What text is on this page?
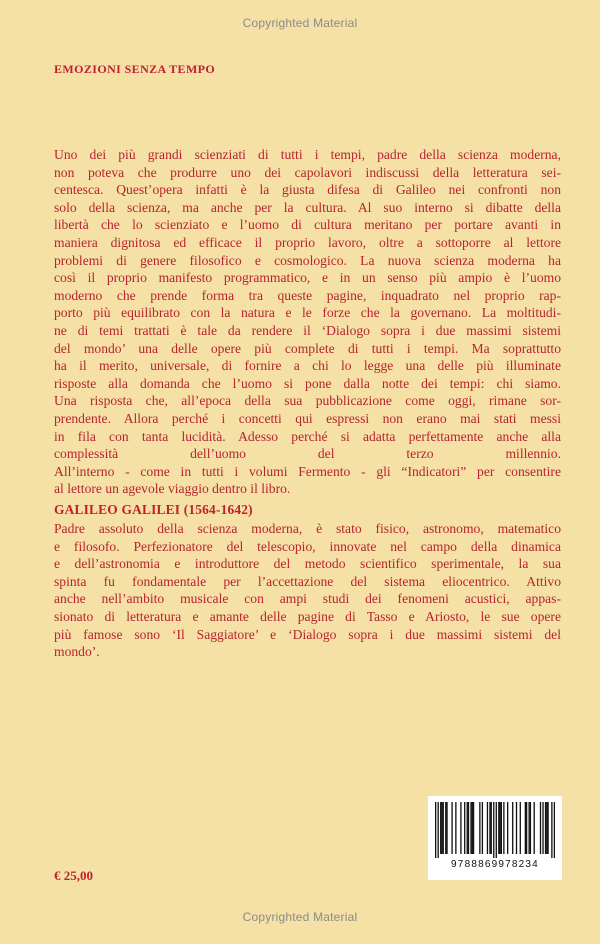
Copyrighted Material
EMOZIONI SENZA TEMPO

Uno dei più grandi scienziati di tutti i tempi, padre della scienza moderna,
non poteva che produrre uno dei capolavori indiscussi della letteratura sei-
centesca. Quest’opera infatti è la giusta difesa di Galileo nei confronti non
solo della scienza, ma anche per la cultura. Al suo interno si dibatte della
libertà che lo scienziato e l’uomo di cultura meritano per portare avanti in
maniera dignitosa ed efficace il proprio lavoro, oltre a sottoporre al lettore
problemi di genere filosofico e cosmologico. La nuova scienza moderna ha
così il proprio manifesto programmatico, e in un senso più ampio è l’uomo
moderno che prende forma tra queste pagine, inquadrato nel proprio rap-
porto più equilibrato con la natura e le forze che la governano. La moltitudi-
ne di temi trattati è tale da rendere il ‘Dialogo sopra i due massimi sistemi
del mondo’ una delle opere più complete di tutti i tempi. Ma soprattutto
ha il merito, universale, di fornire a chi lo legge una delle più illuminate
risposte alla domanda che l’uomo si pone dalla notte dei tempi: chi siamo.
Una risposta che, all’epoca della sua pubblicazione come oggi, rimane sor-
prendente. Allora perché i concetti qui espressi non erano mai stati messi
in fila con tanta lucidità. Adesso perché si adatta perfettamente anche alla
complessità dell’uomo del terzo millennio.
All’interno - come in tutti i volumi Fermento - gli “Indicatori” per consentire
al lettore un agevole viaggio dentro il libro.

GALILEO GALILEI (1564-1642)

Padre assoluto della scienza moderna, è stato fisico, astronomo, matematico
e filosofo. Perfezionatore del telescopio, innovate nel campo della dinamica
e dell’astronomia e introduttore del metodo scientifico sperimentale, la sua
spinta fu fondamentale per l’accettazione del sistema eliocentrico. Attivo
anche nell’ambito musicale con ampi studi dei fenomeni acustici, appas-
sionato di letteratura e amante delle pagine di Tasso e Ariosto, le sue opere
più famose sono ‘Il Saggiatore’ e ‘Dialogo sopra i due massimi sistemi del
mondo’.

€ 25,00
9788869978234
Copyrighted Material
